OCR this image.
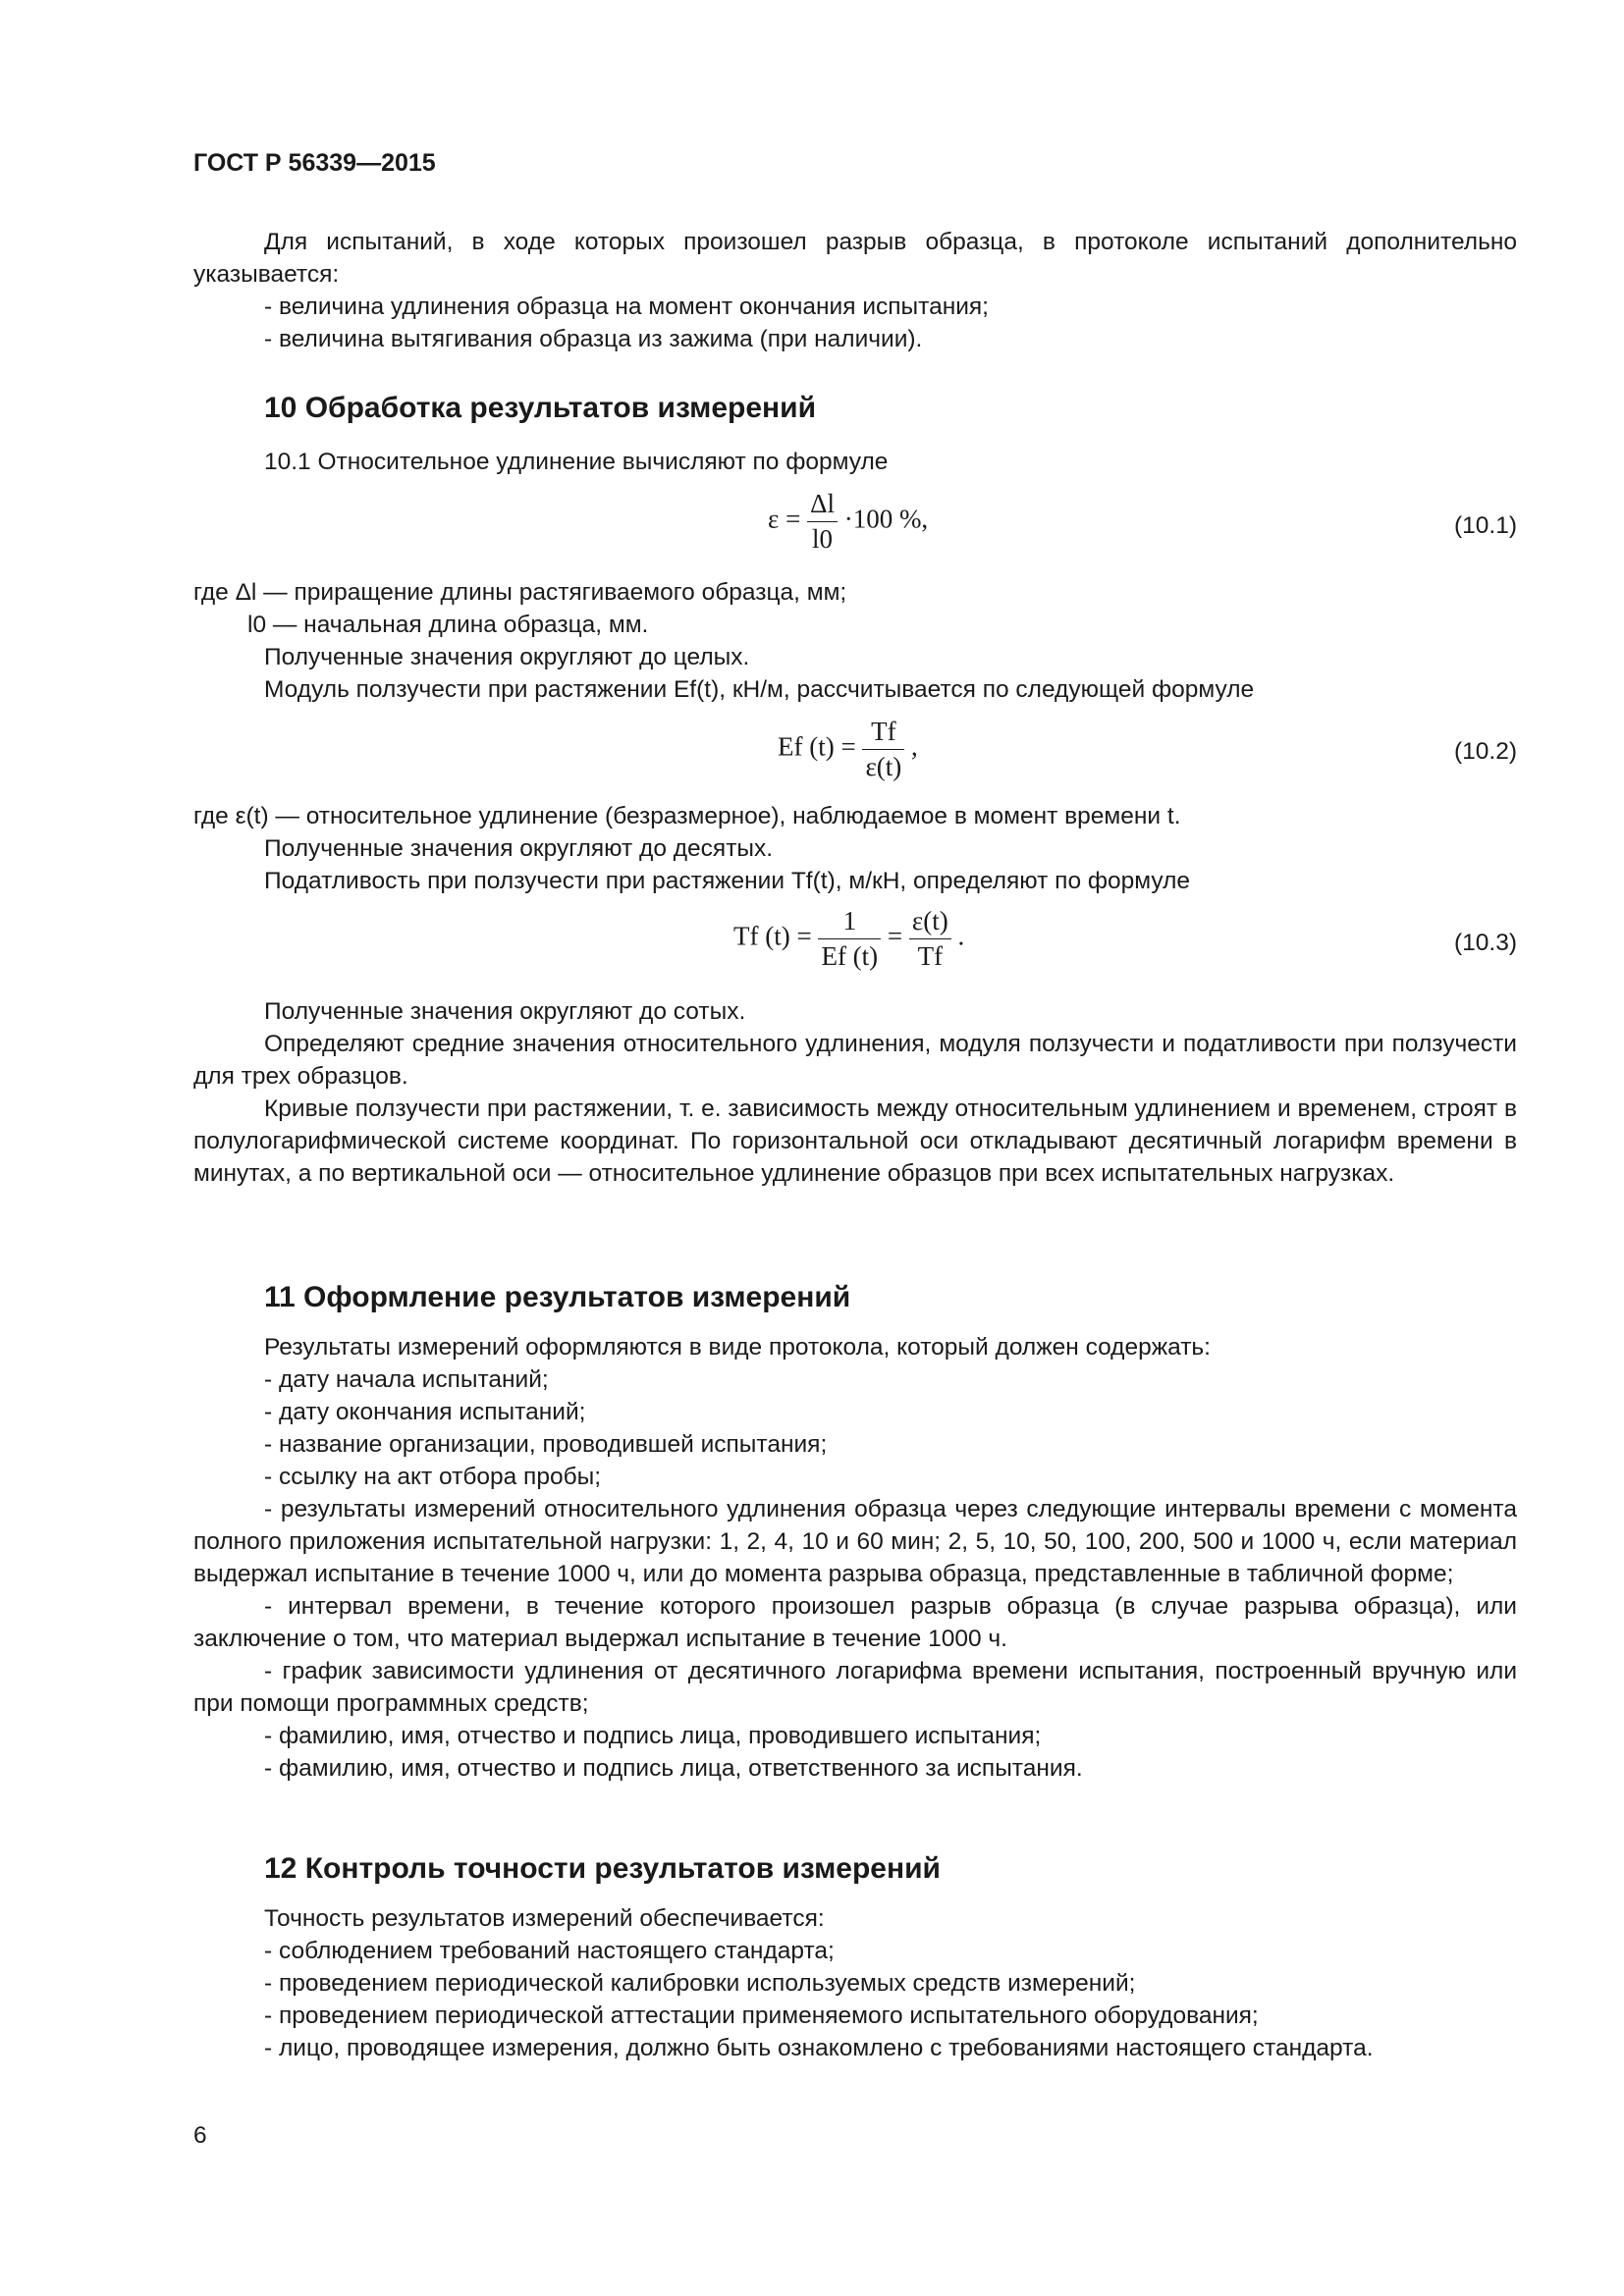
ГОСТ Р 56339—2015

Для испытаний, в ходе которых произошел разрыв образца, в протоколе испытаний дополнительно указывается:

- величина удлинения образца на момент окончания испытания;

- величина вытягивания образца из зажима (при наличии).

10 Обработка результатов измерений

10.1 Относительное удлинение вычисляют по формуле

$\varepsilon = \frac{\Delta l}{l0} \cdot 100$ %,	(10.1)

где Δl — приращение длины растягиваемого образца, мм;

l0 — начальная длина образца, мм.

Полученные значения округляют до целых.

Модуль ползучести при растяжении Ef(t), кН/м, рассчитывается по следующей формуле

Ef $(t) = \frac{Tf}{\varepsilon(t)}$ ,	(10.2)

где ε(t) — относительное удлинение (безразмерное), наблюдаемое в момент времени t.

Полученные значения округляют до десятых.

Податливость при ползучести при растяжении Tf(t), м/кН, определяют по формуле

Tf $(t) = \frac{1}{Ef (t)} = \frac{\varepsilon(t)}{Tf}$ .	(10.3)

Полученные значения округляют до сотых.

Определяют средние значения относительного удлинения, модуля ползучести и податливости при ползучести для трех образцов.

Кривые ползучести при растяжении, т. е. зависимость между относительным удлинением и временем, строят в полулогарифмической системе координат. По горизонтальной оси откладывают десятичный логарифм времени в минутах, а по вертикальной оси — относительное удлинение образцов при всех испытательных нагрузках.

11 Оформление результатов измерений

Результаты измерений оформляются в виде протокола, который должен содержать:

- дату начала испытаний;

- дату окончания испытаний;

- название организации, проводившей испытания;

- ссылку на акт отбора пробы;

- результаты измерений относительного удлинения образца через следующие интервалы времени с момента полного приложения испытательной нагрузки: 1, 2, 4, 10 и 60 мин; 2, 5, 10, 50, 100, 200, 500 и 1000 ч, если материал выдержал испытание в течение 1000 ч, или до момента разрыва образца, представленные в табличной форме;

- интервал времени, в течение которого произошел разрыв образца (в случае разрыва образца), или заключение о том, что материал выдержал испытание в течение 1000 ч.

- график зависимости удлинения от десятичного логарифма времени испытания, построенный вручную или при помощи программных средств;

- фамилию, имя, отчество и подпись лица, проводившего испытания;

- фамилию, имя, отчество и подпись лица, ответственного за испытания.

12 Контроль точности результатов измерений

Точность результатов измерений обеспечивается:

- соблюдением требований настоящего стандарта;

- проведением периодической калибровки используемых средств измерений;

- проведением периодической аттестации применяемого испытательного оборудования;

- лицо, проводящее измерения, должно быть ознакомлено с требованиями настоящего стандарта.

6
